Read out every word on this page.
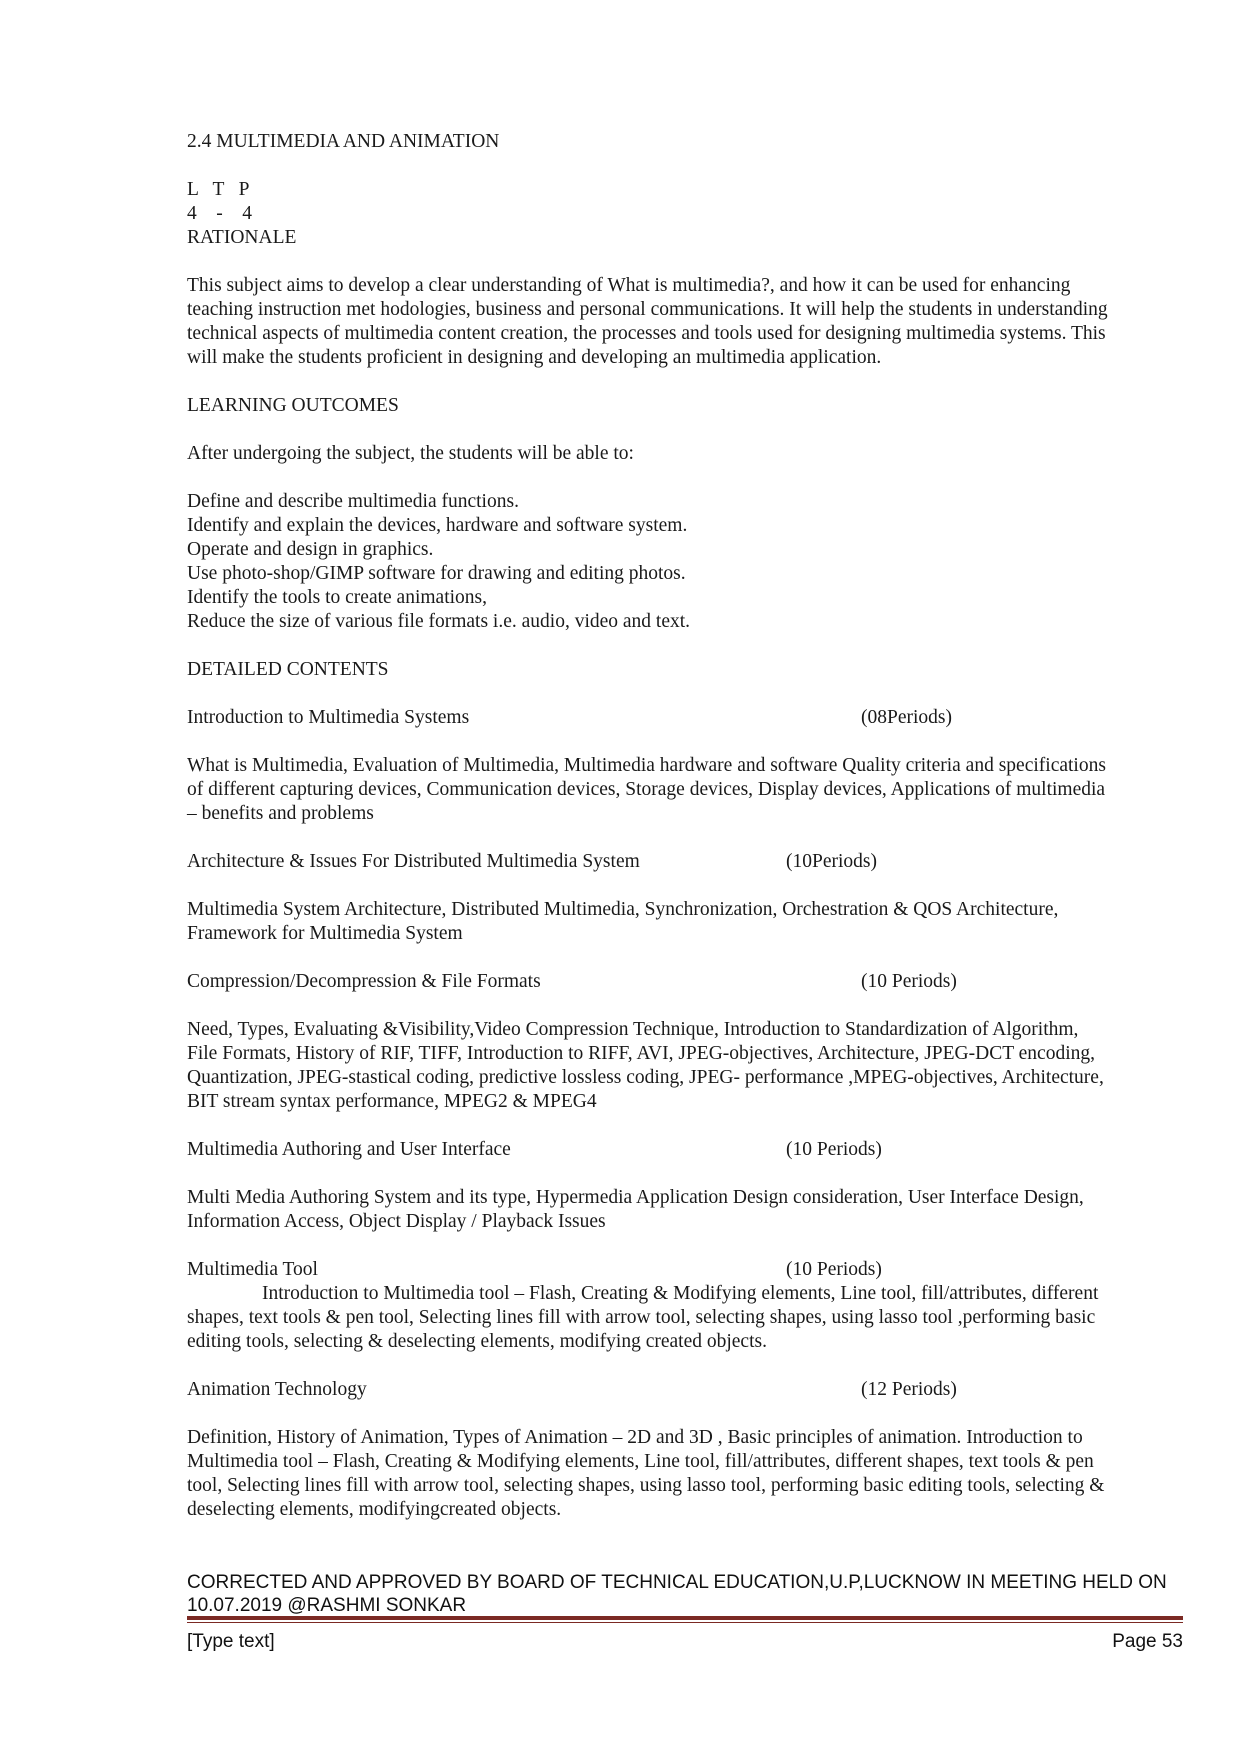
2.4 MULTIMEDIA AND ANIMATION
L   T   P
4    -    4
RATIONALE
This subject aims to develop a clear understanding of What is multimedia?, and how it can be used for enhancing
teaching instruction met hodologies, business and personal communications. It will help the students in understanding
technical aspects of multimedia content creation, the processes and tools used for designing multimedia systems. This
will make the students proficient in designing and developing an multimedia application.
LEARNING OUTCOMES
After undergoing the subject, the students will be able to:
Define and describe multimedia functions.
Identify and explain the devices, hardware and software system.
Operate and design in graphics.
Use photo-shop/GIMP software for drawing and editing photos.
Identify the tools to create animations,
Reduce the size of various file formats i.e. audio, video and text.
DETAILED CONTENTS
Introduction to Multimedia Systems	(08Periods)
What is Multimedia, Evaluation of Multimedia, Multimedia hardware and software Quality criteria and specifications
of different capturing devices, Communication devices, Storage devices, Display devices, Applications of multimedia
– benefits and problems
Architecture & Issues For Distributed Multimedia System	(10Periods)
Multimedia System Architecture, Distributed Multimedia, Synchronization, Orchestration & QOS Architecture,
Framework for Multimedia System
Compression/Decompression & File Formats	(10 Periods)
Need, Types, Evaluating &Visibility,Video Compression Technique, Introduction to Standardization of Algorithm,
File Formats, History of RIF, TIFF, Introduction to RIFF, AVI, JPEG-objectives, Architecture, JPEG-DCT encoding,
Quantization, JPEG-stastical coding, predictive lossless coding, JPEG- performance ,MPEG-objectives, Architecture,
BIT stream syntax performance, MPEG2 & MPEG4
Multimedia Authoring and User Interface	(10 Periods)
Multi Media Authoring System and its type, Hypermedia Application Design consideration, User Interface Design,
Information Access, Object Display / Playback Issues
Multimedia Tool	(10 Periods)
Introduction to Multimedia tool – Flash, Creating & Modifying elements, Line tool, fill/attributes, different
shapes, text tools & pen tool, Selecting lines fill with arrow tool, selecting shapes, using lasso tool ,performing basic
editing tools, selecting & deselecting elements, modifying created objects.
Animation Technology	(12 Periods)
Definition, History of Animation, Types of Animation – 2D and 3D , Basic principles of animation. Introduction to
Multimedia tool – Flash, Creating & Modifying elements, Line tool, fill/attributes, different shapes, text tools & pen
tool, Selecting lines fill with arrow tool, selecting shapes, using lasso tool, performing basic editing tools, selecting &
deselecting elements, modifyingcreated objects.
CORRECTED AND APPROVED BY BOARD OF TECHNICAL EDUCATION,U.P,LUCKNOW IN MEETING HELD ON
10.07.2019 @RASHMI SONKAR
[Type text]	Page 53
